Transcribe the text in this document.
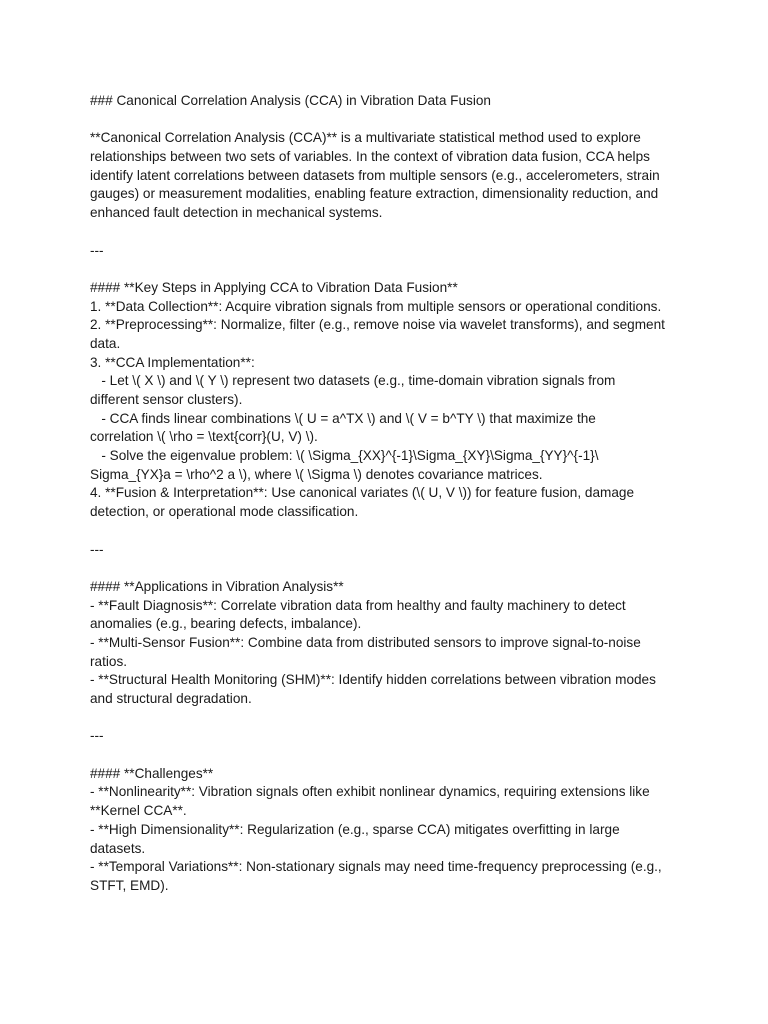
### Canonical Correlation Analysis (CCA) in Vibration Data Fusion
**Canonical Correlation Analysis (CCA)** is a multivariate statistical method used to explore
relationships between two sets of variables. In the context of vibration data fusion, CCA helps
identify latent correlations between datasets from multiple sensors (e.g., accelerometers, strain
gauges) or measurement modalities, enabling feature extraction, dimensionality reduction, and
enhanced fault detection in mechanical systems.
---
#### **Key Steps in Applying CCA to Vibration Data Fusion**
1. **Data Collection**: Acquire vibration signals from multiple sensors or operational conditions.
2. **Preprocessing**: Normalize, filter (e.g., remove noise via wavelet transforms), and segment
data.
3. **CCA Implementation**:
- Let \( X \) and \( Y \) represent two datasets (e.g., time-domain vibration signals from
different sensor clusters).
- CCA finds linear combinations \( U = a^TX \) and \( V = b^TY \) that maximize the
correlation \( \rho = \text{corr}(U, V) \).
- Solve the eigenvalue problem: \( \Sigma_{XX}^{-1}\Sigma_{XY}\Sigma_{YY}^{-1}\
Sigma_{YX}a = \rho^2 a \), where \( \Sigma \) denotes covariance matrices.
4. **Fusion & Interpretation**: Use canonical variates (\( U, V \)) for feature fusion, damage
detection, or operational mode classification.
---
#### **Applications in Vibration Analysis**
- **Fault Diagnosis**: Correlate vibration data from healthy and faulty machinery to detect
anomalies (e.g., bearing defects, imbalance).
- **Multi-Sensor Fusion**: Combine data from distributed sensors to improve signal-to-noise
ratios.
- **Structural Health Monitoring (SHM)**: Identify hidden correlations between vibration modes
and structural degradation.
---
#### **Challenges**
- **Nonlinearity**: Vibration signals often exhibit nonlinear dynamics, requiring extensions like
**Kernel CCA**.
- **High Dimensionality**: Regularization (e.g., sparse CCA) mitigates overfitting in large
datasets.
- **Temporal Variations**: Non-stationary signals may need time-frequency preprocessing (e.g.,
STFT, EMD).
